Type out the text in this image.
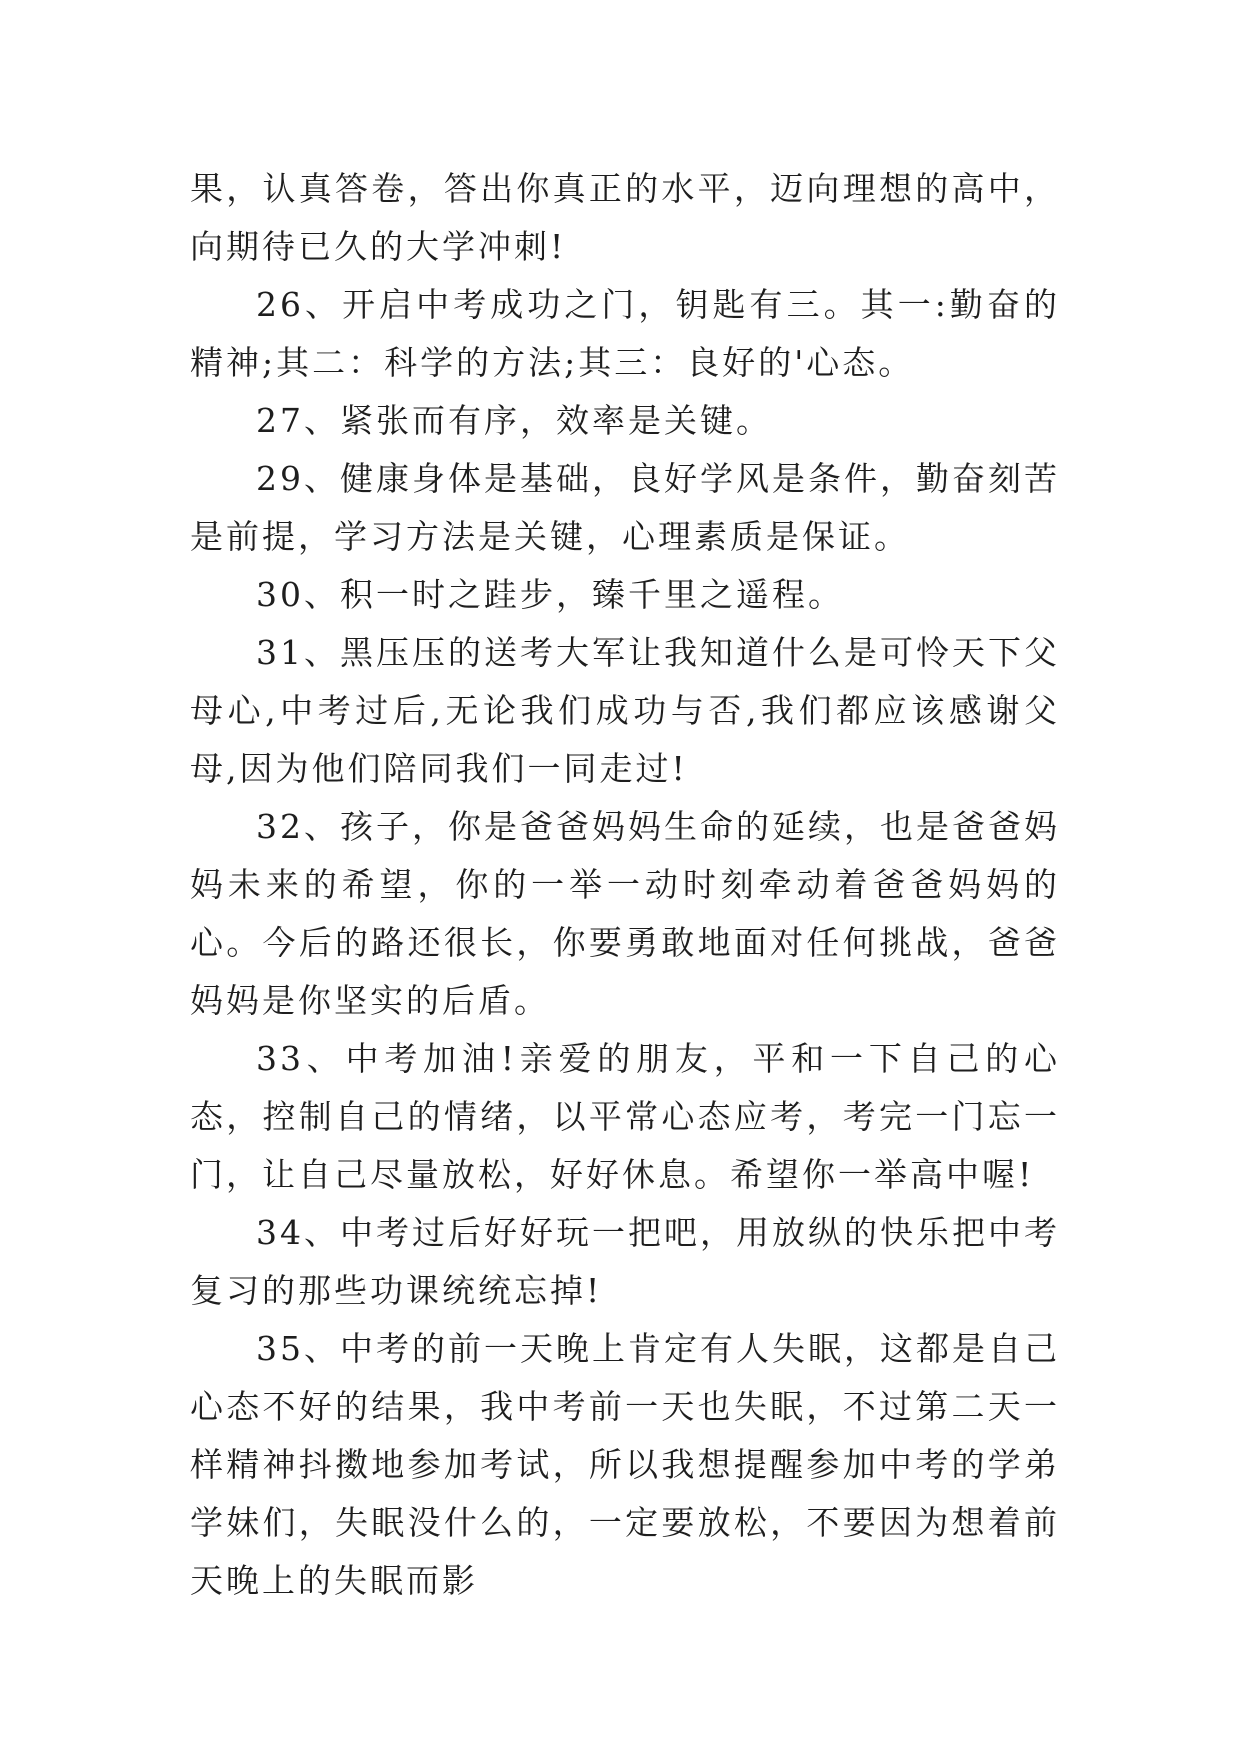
果，认真答卷，答出你真正的水平，迈向理想的高中，向期待已久的大学冲刺!

26、开启中考成功之门，钥匙有三。其一:勤奋的精神;其二：科学的方法;其三：良好的'心态。

27、紧张而有序，效率是关键。

29、健康身体是基础，良好学风是条件，勤奋刻苦是前提，学习方法是关键，心理素质是保证。

30、积一时之跬步，臻千里之遥程。

31、黑压压的送考大军让我知道什么是可怜天下父母心,中考过后,无论我们成功与否,我们都应该感谢父母,因为他们陪同我们一同走过!

32、孩子，你是爸爸妈妈生命的延续，也是爸爸妈妈未来的希望，你的一举一动时刻牵动着爸爸妈妈的心。今后的路还很长，你要勇敢地面对任何挑战，爸爸妈妈是你坚实的后盾。

33、中考加油!亲爱的朋友，平和一下自己的心态，控制自己的情绪，以平常心态应考，考完一门忘一门，让自己尽量放松，好好休息。希望你一举高中喔!

34、中考过后好好玩一把吧，用放纵的快乐把中考复习的那些功课统统忘掉!

35、中考的前一天晚上肯定有人失眠，这都是自己心态不好的结果，我中考前一天也失眠，不过第二天一样精神抖擞地参加考试，所以我想提醒参加中考的学弟学妹们，失眠没什么的，一定要放松，不要因为想着前天晚上的失眠而影
